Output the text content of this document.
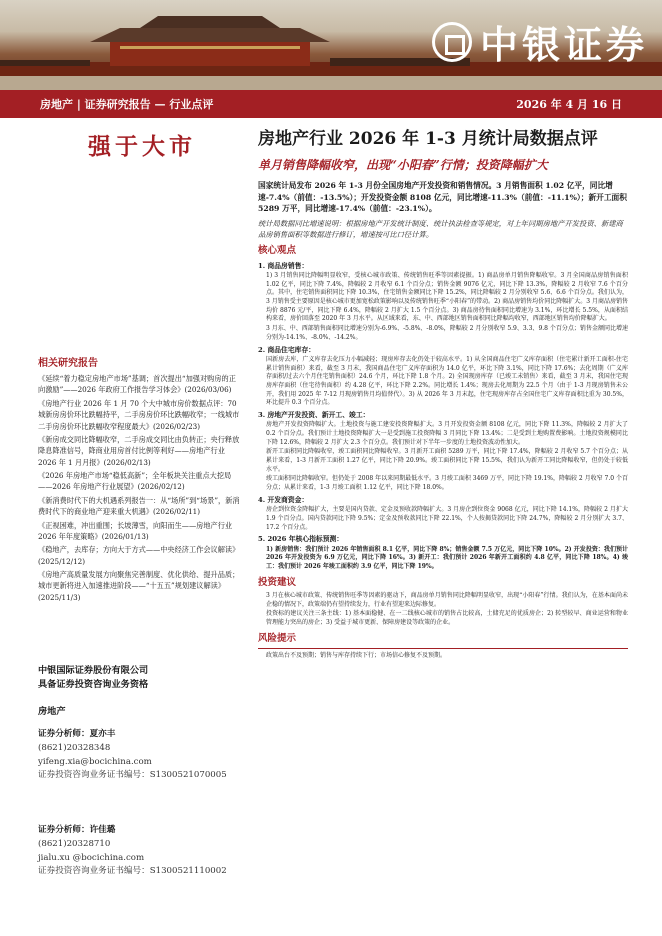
中银证券
房地产 | 证券研究报告 — 行业点评	2026 年 4 月 16 日
强于大市	房地产行业 2026 年 1-3 月统计局数据点评
单月销售降幅收窄，出现“小阳春”行情；投资降幅扩大
国家统计局发布 2026 年 1-3 月份全国房地产开发投资和销售情况。3 月销售面积 1.02 亿平，同比增速-7.4%（前值：-13.5%）；开发投资金额 8108 亿元，同比增速-11.3%（前值：-11.1%）；新开工面积 5289 万平，同比增速-17.4%（前值：-23.1%）。
统计局数据同比增速说明：根据房地产开发统计制度、统计执法检查等规定，对上年同期房地产开发投资、新建商品房销售面积等数据进行修订，增速按可比口径计算。
核心观点
1. 商品房销售：
1) 3 月销售同比降幅明显收窄，受核心城市政策、传统销售旺季等因素提振。1) 商品房单月销售降幅收窄。3 月全国商品房销售面积 1.02 亿平，同比下降 7.4%，降幅较 2 月收窄 6.1 个百分点；销售金额 9076 亿元，同比下降 13.3%，降幅较 2 月收窄 7.6 个百分点。其中，住宅销售面积同比下降 10.3%，住宅销售金额同比下降 15.2%，同比降幅较 2 月分别收窄 5.6、6.6 个百分点。我们认为，3 月销售受主要原因是核心城市更加宽松政策影响以及传统销售旺季“小阳春”的带动。2) 商品房销售均价同比降幅扩大。3 月商品房销售均价 8876 元/平，同比下降 6.4%，降幅较 2 月扩大 1.5 个百分点。3) 商品房待售面积同比增速为 3.1%，环比增长 5.5%，从面积结构来看，房价回落至 2020 年 3 月水平。从区域来看，东、中、西部地区销售面积同比降幅均收窄，西部地区销售均价降幅扩大。
3 月东、中、西部销售面积同比增速分别为-6.9%、-5.8%、-8.0%，降幅较 2 月分别收窄 5.9、3.3、9.8 个百分点；销售金额同比增速分别为-14.1%、-8.0%、-14.2%。
2. 商品住宅库存：
国新房去库，广义库存去化压力小幅减轻；现房库存去化仍处于较高水平。1) 从全国商品住宅广义库存面积（住宅累计新开工面积-住宅累计销售面积）来看，截至 3 月末，我国商品住宅广义库存面积为 14.0 亿平，环比下降 3.1%，同比下降 17.6%；去化周期（广义库存面积/过去六个月住宅销售面积）24.6 个月，环比下降 1.8 个月。2) 全国现房库存（已竣工未销售）来看，截至 3 月末，我国住宅现房库存面积（住宅待售面积）约 4.28 亿平，环比下降 2.2%。同比增长 1.4%；现房去化周期为 22.5 个月（由于 1-3 月现房销售未公开，我们用 2025 年 7-12 月现房销售月均值替代）。3) 从 2026 年 3 月末起，住宅现房库存占全国住宅广义库存面积比重为 30.5%，环比提升 0.3 个百分点。
3. 房地产开发投资、新开工、竣工：
房地产开发投资降幅扩大。土地投资与施工建安投资降幅扩大。3 月开发投资金额 8108 亿元，同比下降 11.3%，降幅较 2 月扩大了 0.2 个百分点。我们预计土地投资降幅扩大一是受到施工投资降幅 3 月同比下降 13.4%；二是受到土地购置费影响。土地投资规模同比下降 12.6%，降幅较 2 月扩大 2.3 个百分点。我们预计对下半年一步度的土地投资波动性加大。
新开工面积同比降幅收窄，竣工面积同比降幅收窄。3 月新开工面积 5289 万平，同比下降 17.4%，降幅较 2 月收窄 5.7 个百分点；从累计来看，1-3 月新开工面积 1.27 亿平，同比下降 20.9%。竣工面积同比下降 15.5%，我们认为新开工同比降幅收窄，但仍处于较低水平。
竣工面积同比降幅收窄。但仍处于 2008 年以来同期最低水平。3 月竣工面积 3469 万平，同比下降 19.1%，降幅较 2 月收窄 7.0 个百分点；从累计来看，1-3 月竣工面积 1.12 亿平，同比下降 18.0%。
4. 开发商资金：
房企到位资金降幅扩大，主要是国内贷款、定金及预收款降幅扩大。3 月房企到位资金 9068 亿元，同比下降 14.1%，降幅较 2 月扩大 1.9 个百分点。国内贷款同比下降 9.5%；定金及预收款同比下降 22.1%，个人按揭贷款同比下降 24.7%，降幅较 2 月分别扩大 3.7、17.2 个百分点。
5. 2026 年核心指标预测：
1) 新房销售：我们预计 2026 年销售面积 8.1 亿平，同比下降 8%；销售金额 7.5 万亿元，同比下降 10%。2) 开发投资：我们预计 2026 年开发投资为 6.9 万亿元，同比下降 16%。3) 新开工：我们预计 2026 年新开工面积约 4.8 亿平，同比下降 18%。4) 竣工：我们预计 2026 年竣工面积约 3.9 亿平，同比下降 19%。
投资建议
3 月在核心城市政策、传统销售旺季等因素的驱动下，商品房单月销售同比降幅明显收窄，出现“小阳春”行情。我们认为，在基本面尚未企稳的情况下，政策端仍有望持续发力，行业有望迎来边际修复。
投资标的建议关注三条主线：1) 基本面稳健、在一二线核心城市的销售占比较高，土储充足的优质房企；2) 转型较早、商业运营和物业管理能力突出的房企；3) 受益于城市更新、保障房建设等政策的企业。
风险提示
政策出台不及预期；销售与库存持续下行；市场信心修复不及预期。
相关研究报告

《延续“着力稳定房地产市场”基调；首次提出“加强对购房的正向激励”——2026 年政府工作报告学习体会》(2026/03/06)

《房地产行业 2026 年 1 月 70 个大中城市房价数据点评：70 城新房房价环比跌幅持平，二手房房价环比跌幅收窄；一线城市二手房房价环比跌幅收窄程度最大》(2026/02/23)

《新房成交同比降幅收窄，二手房成交同比由负转正；央行释放降息降准信号，降商业用房首付比例等利好——房地产行业 2026 年 1 月月报》(2026/02/13)

《2026 年房地产市场“稳低高新”；全年板块关注重点大挖局——2026 年房地产行业展望》(2026/02/12)

《新消费时代下的大机遇系列报告一：从“场所”到“场景”，新消费时代下的商业地产迎来重大机遇》(2026/02/11)

《正视困难，冲出重围；长坡薄雪，向阳而生——房地产行业 2026 年年度策略》(2026/01/13)

《稳地产，去库存；方向大于方式——中央经济工作会议解读》(2025/12/12)

《房地产高质量发展方向聚焦完善制度、优化供给、提升品质；城市更新将进入加速推进阶段——“十五五”规划建议解读》(2025/11/3)

中银国际证券股份有限公司
具备证券投资咨询业务资格
房地产
证券分析师：夏亦丰
(8621)20328348
yifeng.xia@bocichina.com
证券投资咨询业务证书编号：S1300521070005
证券分析师：许佳璐
(8621)20328710
jialu.xu @bocichina.com
证券投资咨询业务证书编号：S1300521110002
